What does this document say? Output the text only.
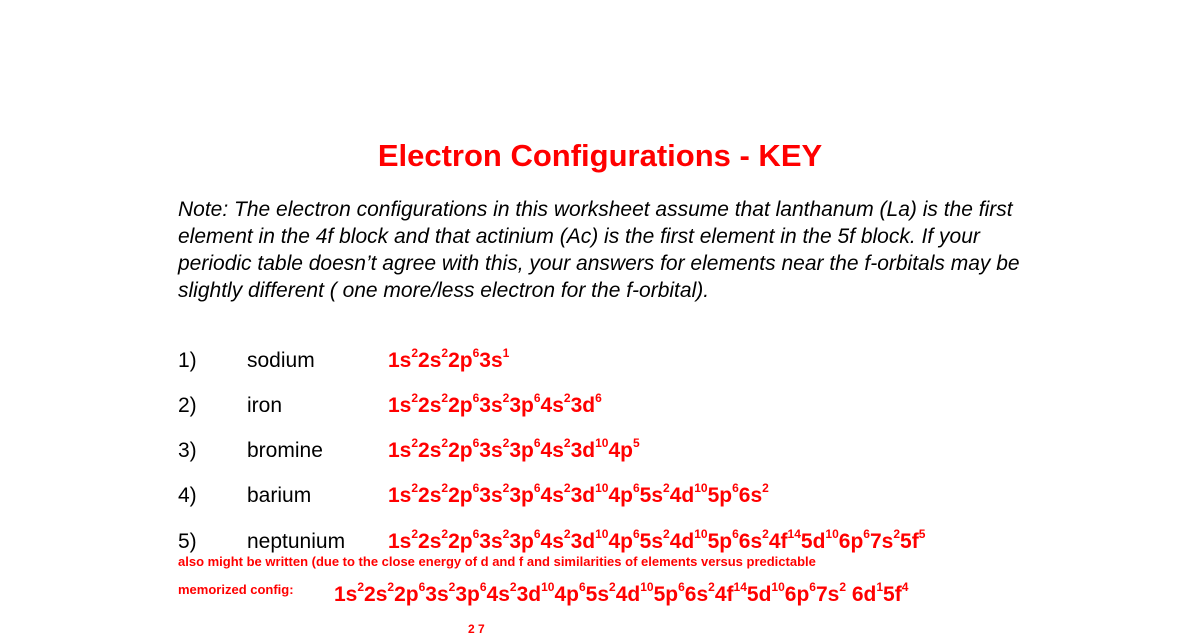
Electron Configurations - KEY
Note: The electron configurations in this worksheet assume that lanthanum (La) is the first element in the 4f block and that actinium (Ac) is the first element in the 5f block. If your periodic table doesn’t agree with this, your answers for elements near the f-orbitals may be slightly different ( one more/less electron for the f-orbital).
1) sodium	$1s^22s^22p^63s^1$
2) iron	$1s^22s^22p^63s^23p^64s^23d^6$
3) bromine	$1s^22s^22p^63s^23p^64s^23d^{10}4p^5$
4) barium	$1s^22s^22p^63s^23p^64s^23d^{10}4p^65s^24d^{10}5p^66s^2$
5) neptunium $1s^22s^22p^63s^23p^64s^23d^{10}4p^65s^24d^{10}5p^66s^24f^{14}5d^{10}6p^67s^25f^5$
also might be written (due to the close energy of d and f and similarities of elements versus predictable
memorized config: $1s^22s^22p^63s^23p^64s^23d^{10}4p^65s^24d^{10}5p^66s^24f^{14}5d^{10}6p^67s^2$ $6d^15f^4$
2 7
